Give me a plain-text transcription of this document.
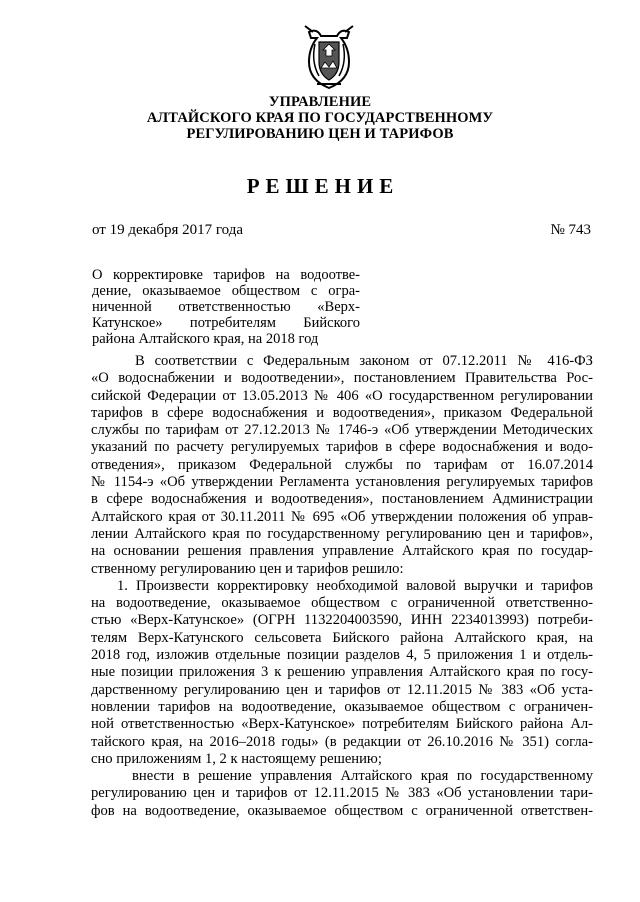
УПРАВЛЕНИЕ
АЛТАЙСКОГО КРАЯ ПО ГОСУДАРСТВЕННОМУ
РЕГУЛИРОВАНИЮ ЦЕН И ТАРИФОВ
РЕШЕНИЕ
от 19 декабря 2017 года	№ 743
О корректировке тарифов на водоотве-
дение, оказываемое обществом с огра-
ниченной ответственностью «Верх-
Катунское» потребителям Бийского
района Алтайского края, на 2018 год
В соответствии с Федеральным законом от 07.12.2011 № 416-ФЗ
«О водоснабжении и водоотведении», постановлением Правительства Рос-
сийской Федерации от 13.05.2013 № 406 «О государственном регулировании
тарифов в сфере водоснабжения и водоотведения», приказом Федеральной
службы по тарифам от 27.12.2013 № 1746-э «Об утверждении Методических
указаний по расчету регулируемых тарифов в сфере водоснабжения и водо-
отведения», приказом Федеральной службы по тарифам от 16.07.2014
№ 1154-э «Об утверждении Регламента установления регулируемых тарифов
в сфере водоснабжения и водоотведения», постановлением Администрации
Алтайского края от 30.11.2011 № 695 «Об утверждении положения об управ-
лении Алтайского края по государственному регулированию цен и тарифов»,
на основании решения правления управление Алтайского края по государ-
ственному регулированию цен и тарифов решило:
1. Произвести корректировку необходимой валовой выручки и тарифов
на водоотведение, оказываемое обществом с ограниченной ответственно-
стью «Верх-Катунское» (ОГРН 1132204003590, ИНН 2234013993) потреби-
телям Верх-Катунского сельсовета Бийского района Алтайского края, на
2018 год, изложив отдельные позиции разделов 4, 5 приложения 1 и отдель-
ные позиции приложения 3 к решению управления Алтайского края по госу-
дарственному регулированию цен и тарифов от 12.11.2015 № 383 «Об уста-
новлении тарифов на водоотведение, оказываемое обществом с ограничен-
ной ответственностью «Верх-Катунское» потребителям Бийского района Ал-
тайского края, на 2016–2018 годы» (в редакции от 26.10.2016 № 351) согла-
сно приложениям 1, 2 к настоящему решению;
внести в решение управления Алтайского края по государственному
регулированию цен и тарифов от 12.11.2015 № 383 «Об установлении тари-
фов на водоотведение, оказываемое обществом с ограниченной ответствен-
